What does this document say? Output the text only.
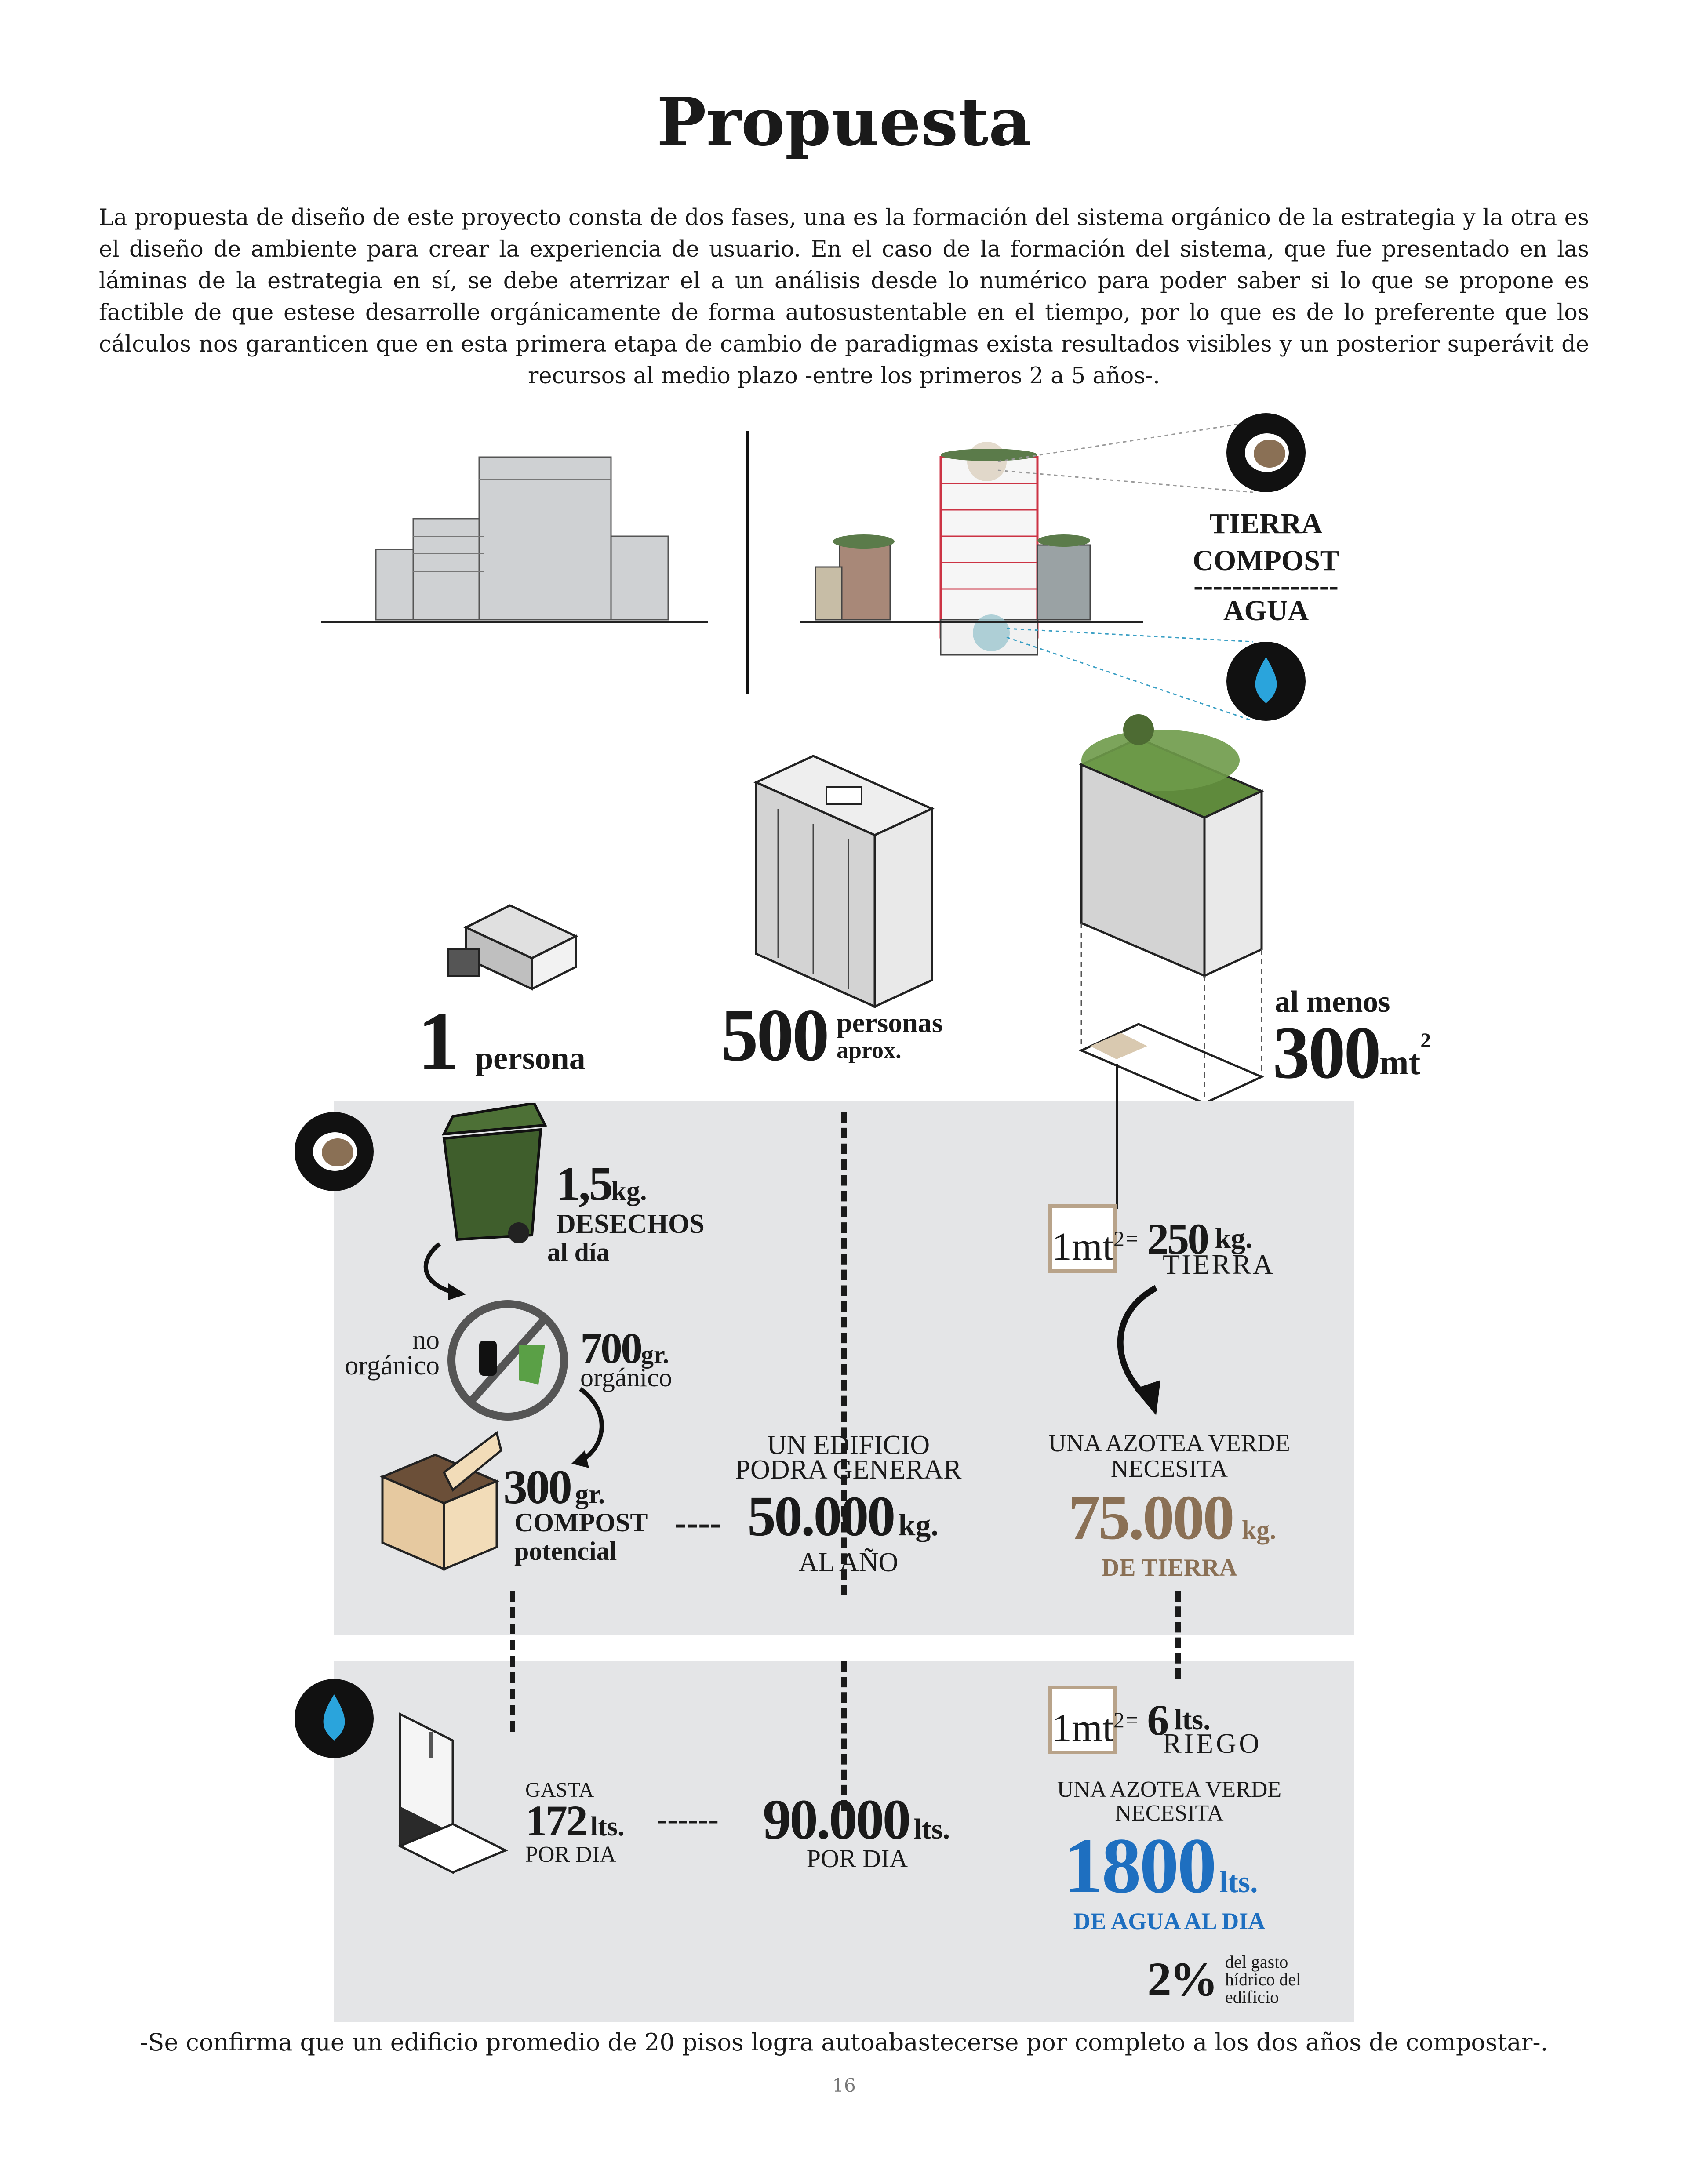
Propuesta
La propuesta de diseño de este proyecto consta de dos fases, una es la formación del sistema orgánico de la estrategia y la otra es el diseño de ambiente para crear la experiencia de usuario. En el caso de la formación del sistema, que fue presentado en las láminas de la estrategia en sí, se debe aterrizar el a un análisis desde lo numérico para poder saber si lo que se propone es factible de que estese desarrolle orgánicamente de forma autosustentable en el tiempo, por lo que es de lo preferente que los cálculos nos garanticen que en esta primera etapa de cambio de paradigmas exista resultados visibles y un posterior superávit de recursos al medio plazo -entre los primeros 2 a 5 años-.
TIERRA
COMPOST
---------------
AGUA
1 persona 500 personas
aprox.
al menos
300 mt
2
1,5 kg.
DESECHOS
al día
no
orgánico	700 gr.
orgánico
300 gr.
COMPOST
potencial
----
UN EDIFICIO
PODRA GENERAR
50.000 kg.
AL AÑO
$1mt^2 = 250$ kg.
TIERRA
UNA AZOTEA VERDE
NECESITA
75.000 kg.
DE TIERRA
GASTA
172 lts.
POR DIA
------ 90.000 lts.
POR DIA
$1mt^2 = 6$ lts.
RIEGO
UNA AZOTEA VERDE
NECESITA
1800 lts.
DE AGUA AL DIA
2% del gasto
hídrico del
edificio
-Se confirma que un edificio promedio de 20 pisos logra autoabastecerse por completo a los dos años de compostar-.
16
